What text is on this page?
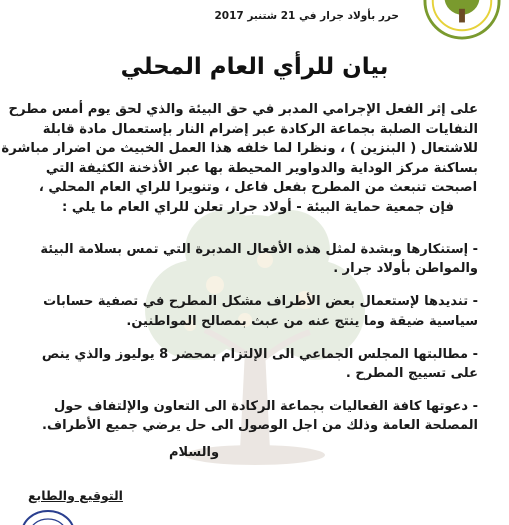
حرر بأولاد جرار في 21 شتنبر 2017
بيان للرأي العام المحلي
على إثر الفعل الإجرامي المدبر في حق البيئة والذي لحق يوم أمس مطرح
النفايات الصلبة بجماعة الركادة عبر إضرام النار بإستعمال مادة قابلة
للاشتعال ( البنزين ) ، ونظرا لما خلفه هذا العمل الخبيث من اضرار مباشرة
بساكنة مركز الوداية والدواوير المحيطة بها عبر الأذخنة الكثيفة التي
اصبحت تنبعث من المطرح بفعل فاعل ، وتنويرا للراي العام المحلي ،
فإن جمعية حماية البيئة - أولاد جرار تعلن للراي العام ما يلي :
- إستنكارها وبشدة لمثل هذه الأفعال المدبرة التي تمس بسلامة البيئة
والمواطن بأولاد جرار .
- تنديدها لإستعمال بعض الأطراف مشكل المطرح في تصفية حسابات
سياسية ضيقة وما ينتج عنه من عبث بمصالح المواطنين.
- مطالبتها المجلس الجماعي الى الإلتزام بمحضر 8 يوليوز والذي ينص
على تسييج المطرح .
- دعوتها كافة الفعاليات بجماعة الركادة الى التعاون والإلتفاف حول
المصلحة العامة وذلك من اجل الوصول الى حل يرضي جميع الأطراف.
والسلام
التوقيع والطابع
